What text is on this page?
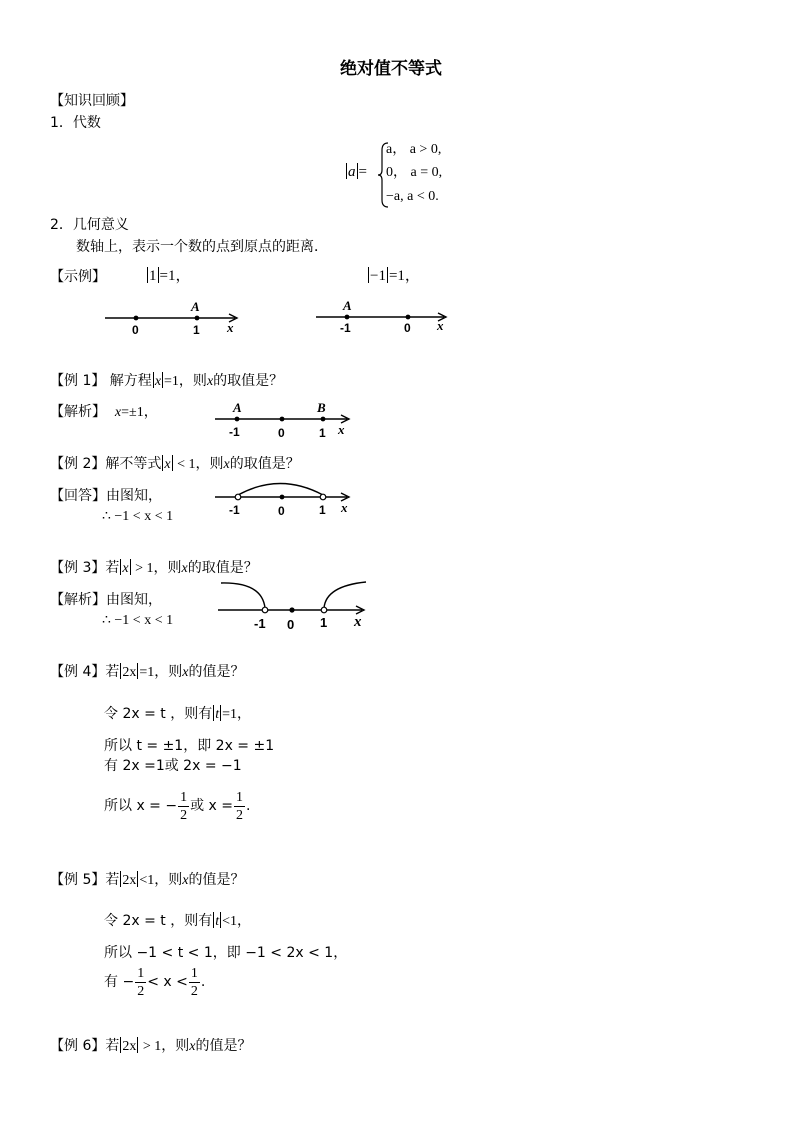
绝对值不等式
【知识回顾】
1．代数
a =
a， a > 0,
0， a = 0,
−a, a < 0.
2．几何意义
数轴上，表示一个数的点到原点的距离．
【示例】	1 =1，	−1 =1，
A
0	1 x
A
-1	0 x
【例 1】 解方程 x =1，则x的取值是？
【解析】 x=±1，	A	B
-1	0	1 x
【例 2】解不等式 x < 1，则x的取值是？
【回答】由图知，
∴ −1 < x < 1	-1	0	1 x
【例 3】若 x > 1，则x的取值是？
【解析】由图知，
∴ −1 < x < 1	-1 0 1 x
【例 4】若 2x =1，则x的值是？
令 2x = t ，则有 t =1，
所以 t = ±1，即 2x = ±1
有 2x =1或 2x = −1
所以 x = − $\frac{1}{2}$ 或 $x = \frac{1}{2}$ .
【例 5】若 2x <1，则x的值是？
令 2x = t ，则有 t <1，
所以 −1 < t < 1，即 −1 < 2x < 1，
有 − $\frac{1}{2} < x < \frac{1}{2}$ .
【例 6】若 2x > 1，则x的值是？
